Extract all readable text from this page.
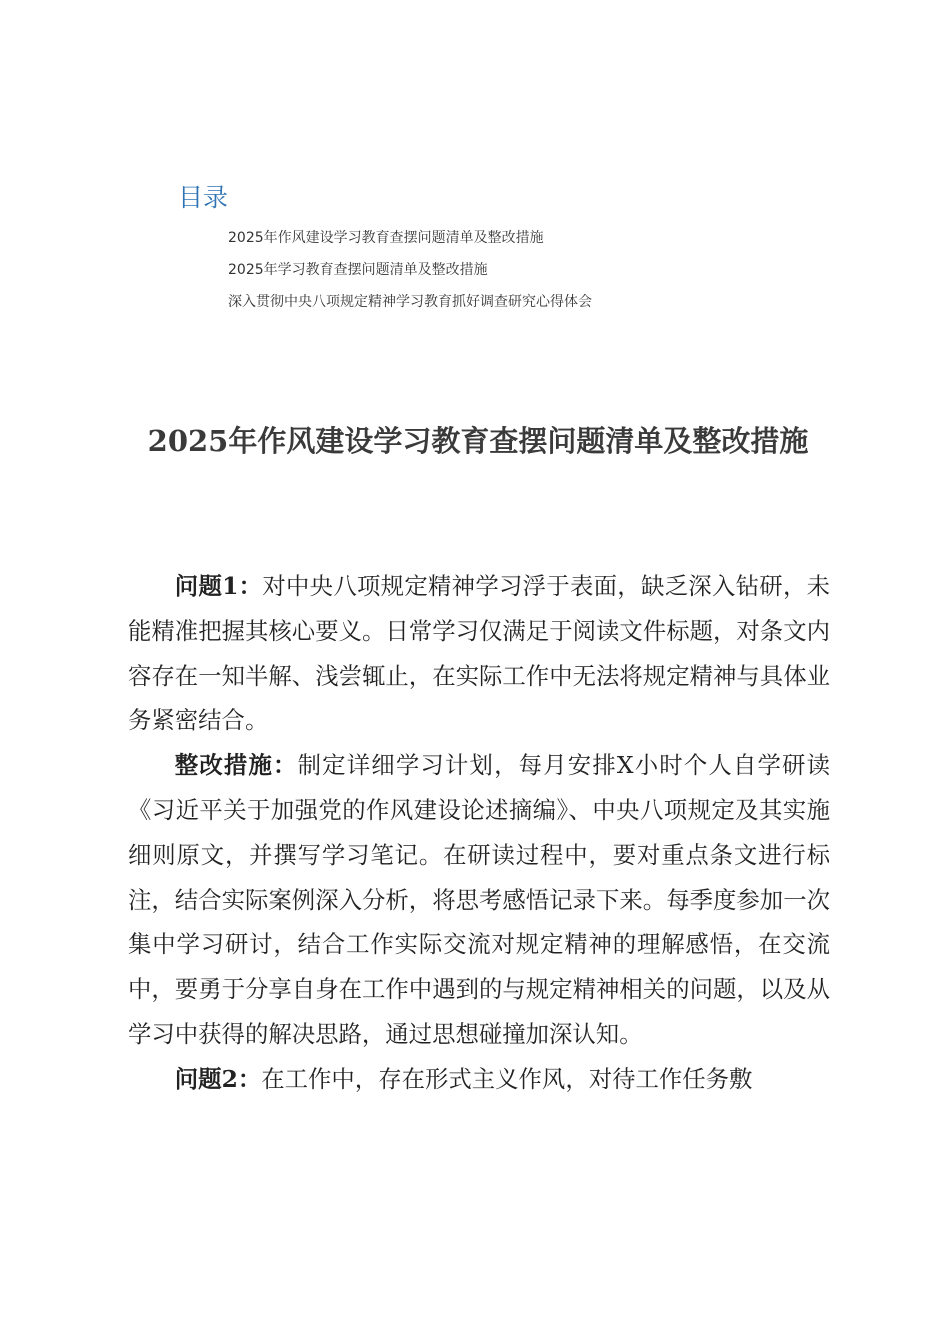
目录
2025年作风建设学习教育查摆问题清单及整改措施
2025年学习教育查摆问题清单及整改措施
深入贯彻中央八项规定精神学习教育抓好调查研究心得体会
2025年作风建设学习教育查摆问题清单及整改措施

问题1：对中央八项规定精神学习浮于表面，缺乏深入钻研，未能精准把握其核心要义。日常学习仅满足于阅读文件标题，对条文内容存在一知半解、浅尝辄止，在实际工作中无法将规定精神与具体业务紧密结合。

整改措施：制定详细学习计划，每月安排X小时个人自学研读《习近平关于加强党的作风建设论述摘编》、中央八项规定及其实施细则原文，并撰写学习笔记。在研读过程中，要对重点条文进行标注，结合实际案例深入分析，将思考感悟记录下来。每季度参加一次集中学习研讨，结合工作实际交流对规定精神的理解感悟，在交流中，要勇于分享自身在工作中遇到的与规定精神相关的问题，以及从学习中获得的解决思路，通过思想碰撞加深认知。

问题2：在工作中，存在形式主义作风，对待工作任务敷
